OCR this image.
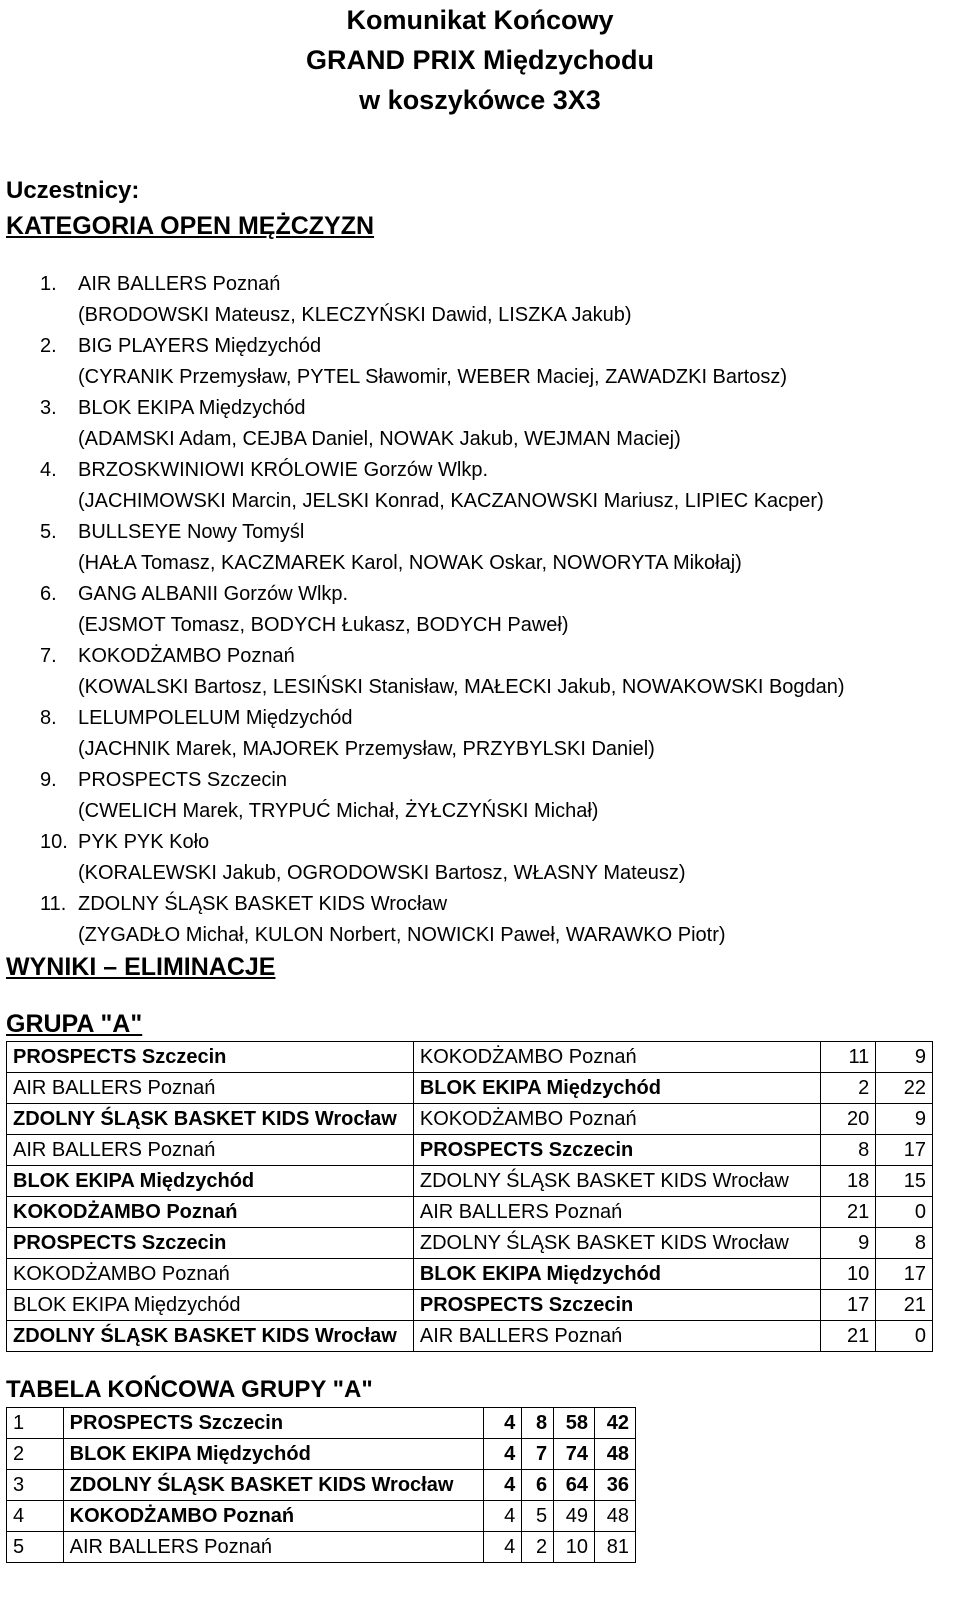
Komunikat Końcowy
GRAND PRIX Międzychodu
w koszykówce 3X3
Uczestnicy:
KATEGORIA OPEN MĘŻCZYZN
1. AIR BALLERS Poznań
(BRODOWSKI Mateusz, KLECZYŃSKI Dawid, LISZKA Jakub)
2. BIG PLAYERS Międzychód
(CYRANIK Przemysław, PYTEL Sławomir, WEBER Maciej, ZAWADZKI Bartosz)
3. BLOK EKIPA Międzychód
(ADAMSKI Adam, CEJBA Daniel, NOWAK Jakub, WEJMAN Maciej)
4. BRZOSKWINIOWI KRÓLOWIE Gorzów Wlkp.
(JACHIMOWSKI Marcin, JELSKI Konrad, KACZANOWSKI Mariusz, LIPIEC Kacper)
5. BULLSEYE Nowy Tomyśl
(HAŁA Tomasz, KACZMAREK Karol, NOWAK Oskar, NOWORYTA Mikołaj)
6. GANG ALBANII Gorzów Wlkp.
(EJSMOT Tomasz, BODYCH Łukasz, BODYCH Paweł)
7. KOKODŻAMBO Poznań
(KOWALSKI Bartosz, LESIŃSKI Stanisław, MAŁECKI Jakub, NOWAKOWSKI Bogdan)
8. LELUMPOLELUM Międzychód
(JACHNIK Marek, MAJOREK Przemysław, PRZYBYLSKI Daniel)
9. PROSPECTS Szczecin
(CWELICH Marek, TRYPUĆ Michał, ŻYŁCZYŃSKI Michał)
10. PYK PYK Koło
(KORALEWSKI Jakub, OGRODOWSKI Bartosz, WŁASNY Mateusz)
11. ZDOLNY ŚLĄSK BASKET KIDS Wrocław
(ZYGADŁO Michał, KULON Norbert, NOWICKI Paweł, WARAWKO Piotr)
WYNIKI – ELIMINACJE
GRUPA "A"
PROSPECTS Szczecin	KOKODŻAMBO Poznań	11	9
AIR BALLERS Poznań	BLOK EKIPA Międzychód	2	22
ZDOLNY ŚLĄSK BASKET KIDS Wrocław	KOKODŻAMBO Poznań	20	9
AIR BALLERS Poznań	PROSPECTS Szczecin	8	17
BLOK EKIPA Międzychód	ZDOLNY ŚLĄSK BASKET KIDS Wrocław	18	15
KOKODŻAMBO Poznań	AIR BALLERS Poznań	21	0
PROSPECTS Szczecin	ZDOLNY ŚLĄSK BASKET KIDS Wrocław	9	8
KOKODŻAMBO Poznań	BLOK EKIPA Międzychód	10	17
BLOK EKIPA Międzychód	PROSPECTS Szczecin	17	21
ZDOLNY ŚLĄSK BASKET KIDS Wrocław	AIR BALLERS Poznań	21	0
TABELA KOŃCOWA GRUPY "A"
1	PROSPECTS Szczecin	4	8	58	42
2	BLOK EKIPA Międzychód	4	7	74	48
3	ZDOLNY ŚLĄSK BASKET KIDS Wrocław	4	6	64	36
4	KOKODŻAMBO Poznań	4	5	49	48
5	AIR BALLERS Poznań	4	2	10	81
